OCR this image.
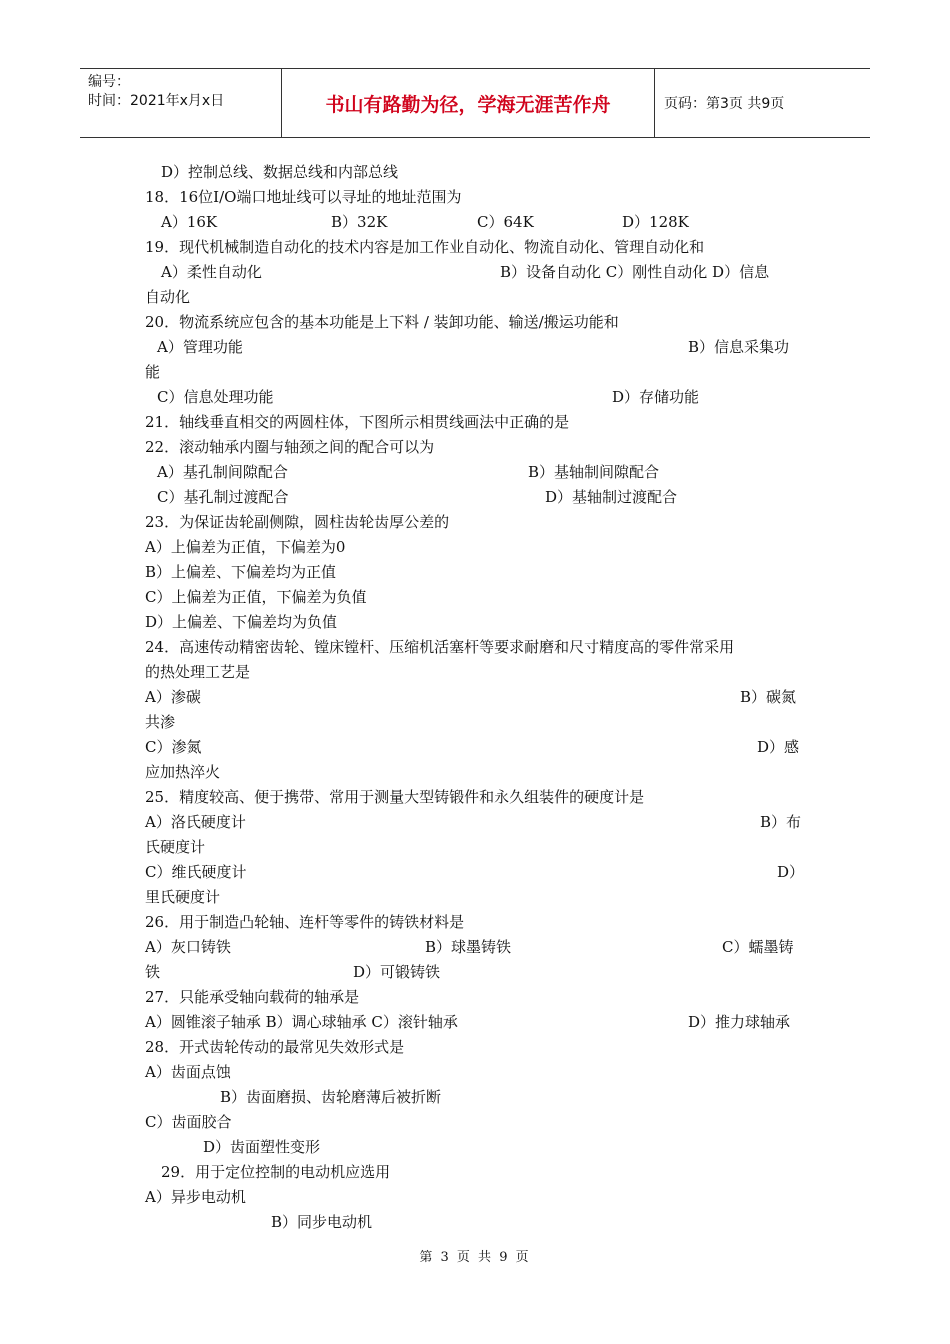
编号：
时间：2021年x月x日	书山有路勤为径，学海无涯苦作舟	页码：第3页 共9页
D）控制总线、数据总线和内部总线
18．16位I/O端口地址线可以寻址的地址范围为
A）16K	B）32K	C）64K	D）128K
19．现代机械制造自动化的技术内容是加工作业自动化、物流自动化、管理自动化和
A）柔性自动化	B）设备自动化 C）刚性自动化 D）信息
自动化
20．物流系统应包含的基本功能是上下料 / 装卸功能、输送/搬运功能和
A）管理功能	B）信息采集功
能
C）信息处理功能	D）存储功能
21．轴线垂直相交的两圆柱体，下图所示相贯线画法中正确的是
22．滚动轴承内圈与轴颈之间的配合可以为
A）基孔制间隙配合	B）基轴制间隙配合
C）基孔制过渡配合	D）基轴制过渡配合
23．为保证齿轮副侧隙，圆柱齿轮齿厚公差的
A）上偏差为正值，下偏差为0
B）上偏差、下偏差均为正值
C）上偏差为正值，下偏差为负值
D）上偏差、下偏差均为负值
24．高速传动精密齿轮、镗床镗杆、压缩机活塞杆等要求耐磨和尺寸精度高的零件常采用
的热处理工艺是
A）渗碳	B）碳氮
共渗
C）渗氮	D）感
应加热淬火
25．精度较高、便于携带、常用于测量大型铸锻件和永久组装件的硬度计是
A）洛氏硬度计	B）布
氏硬度计
C）维氏硬度计	D）
里氏硬度计
26．用于制造凸轮轴、连杆等零件的铸铁材料是
A）灰口铸铁	B）球墨铸铁	C）蠕墨铸
铁	D）可锻铸铁
27．只能承受轴向载荷的轴承是
A）圆锥滚子轴承 B）调心球轴承 C）滚针轴承	D）推力球轴承
28．开式齿轮传动的最常见失效形式是
A）齿面点蚀
B）齿面磨损、齿轮磨薄后被折断
C）齿面胶合
D）齿面塑性变形
29．用于定位控制的电动机应选用
A）异步电动机
B）同步电动机
第 3 页 共 9 页
